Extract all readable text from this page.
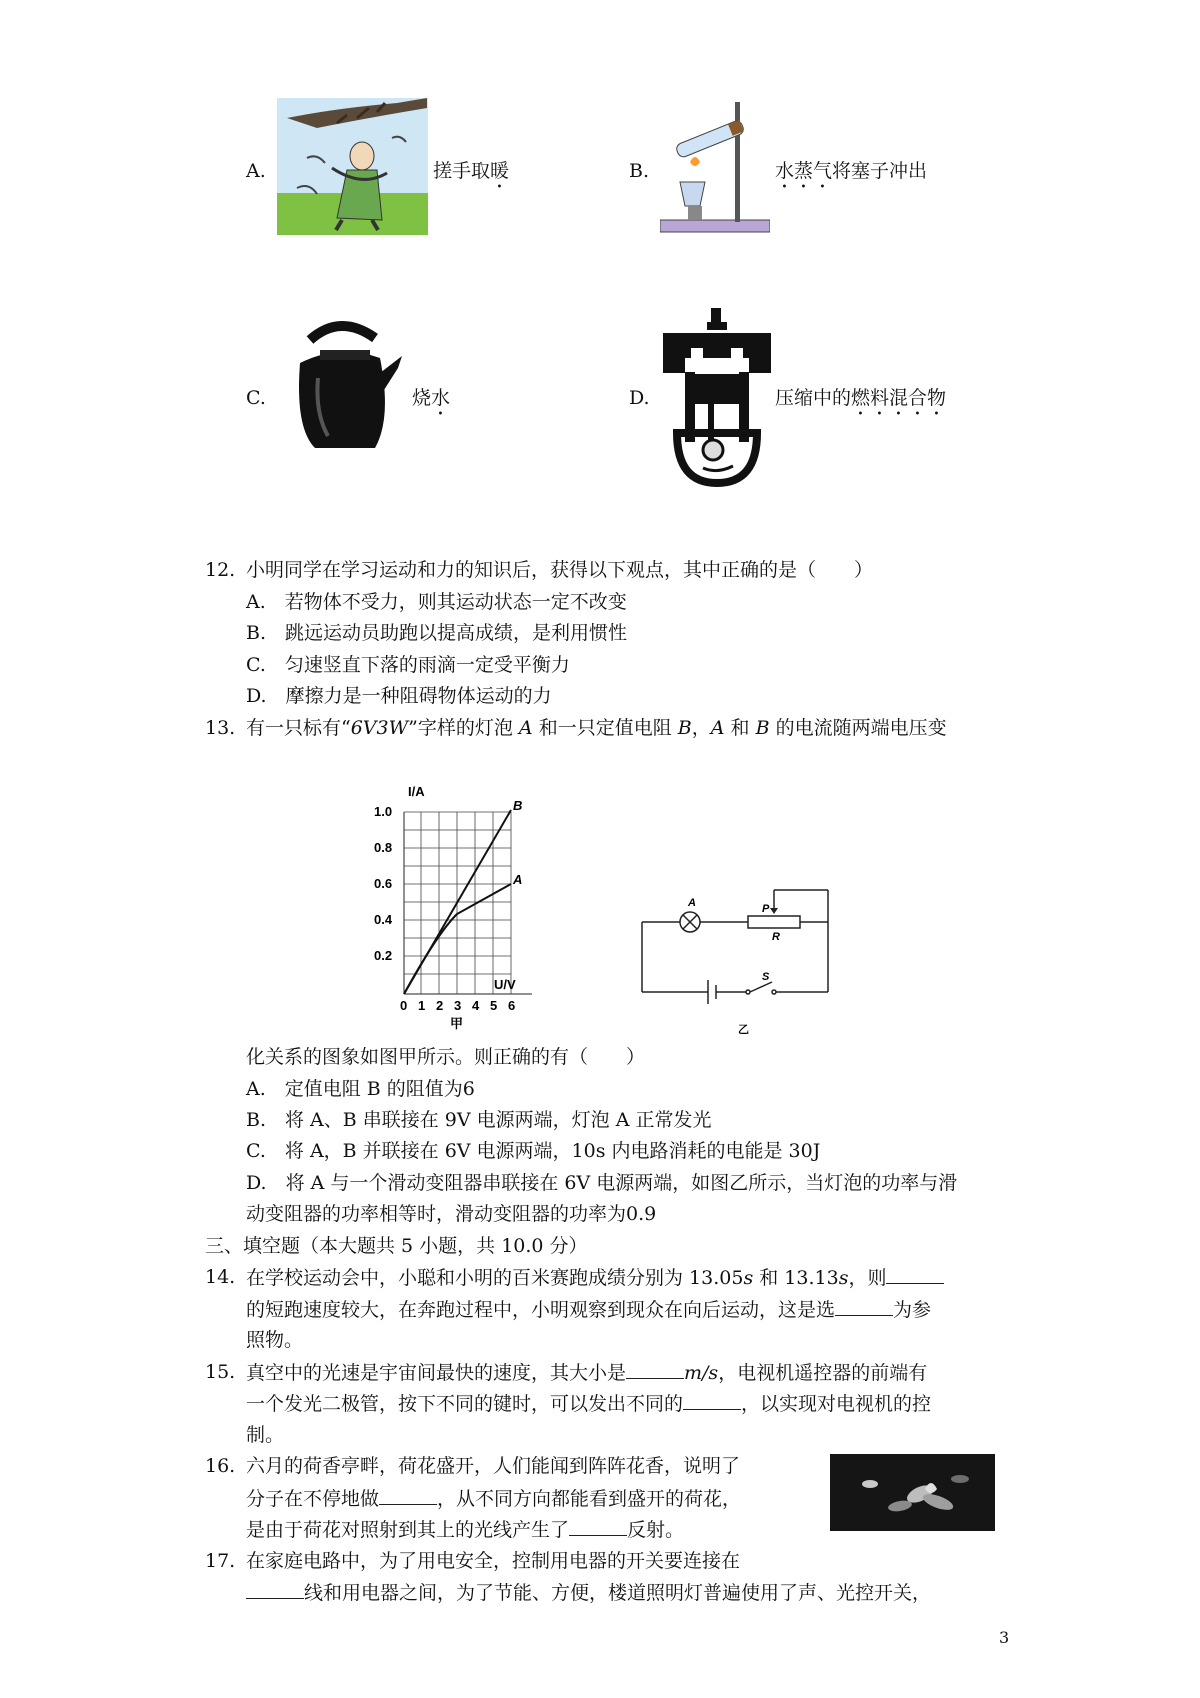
A.	搓手取暖	B.	水蒸气将塞子冲出
C.	烧水	D.	压缩中的燃料混合物
12. 小明同学在学习运动和力的知识后，获得以下观点，其中正确的是（　　）
A.　若物体不受力，则其运动状态一定不改变
B.　跳远运动员助跑以提高成绩，是利用惯性
C.　匀速竖直下落的雨滴一定受平衡力
D.　摩擦力是一种阻碍物体运动的力
13. 有一只标有“6V3W”字样的灯泡 A 和一只定值电阻 B，A 和 B 的电流随两端电压变
I/A
U/V
1.0
0.8
0.6
0.4
0.2
0 1 2 3 4 5 6
B
A
甲
A	P
R
S
乙
化关系的图象如图甲所示。则正确的有（　　）
A.　定值电阻 B 的阻值为6
B.　将 A、B 串联接在 9V 电源两端，灯泡 A 正常发光
C.　将 A，B 并联接在 6V 电源两端，10s 内电路消耗的电能是 30J
D.　将 A 与一个滑动变阻器串联接在 6V 电源两端，如图乙所示，当灯泡的功率与滑
动变阻器的功率相等时，滑动变阻器的功率为0.9
三、填空题（本大题共 5 小题，共 10.0 分）
14. 在学校运动会中，小聪和小明的百米赛跑成绩分别为 13.05s 和 13.13s，则
的短跑速度较大，在奔跑过程中，小明观察到现众在向后运动，这是选	为参
照物。
15. 真空中的光速是宇宙间最快的速度，其大小是	m/s，电视机遥控器的前端有
一个发光二极管，按下不同的键时，可以发出不同的	，以实现对电视机的控
制。
16. 六月的荷香亭畔，荷花盛开，人们能闻到阵阵花香，说明了
分子在不停地做	，从不同方向都能看到盛开的荷花，
是由于荷花对照射到其上的光线产生了	反射。
17. 在家庭电路中，为了用电安全，控制用电器的开关要连接在
线和用电器之间，为了节能、方便，楼道照明灯普遍使用了声、光控开关，
3
